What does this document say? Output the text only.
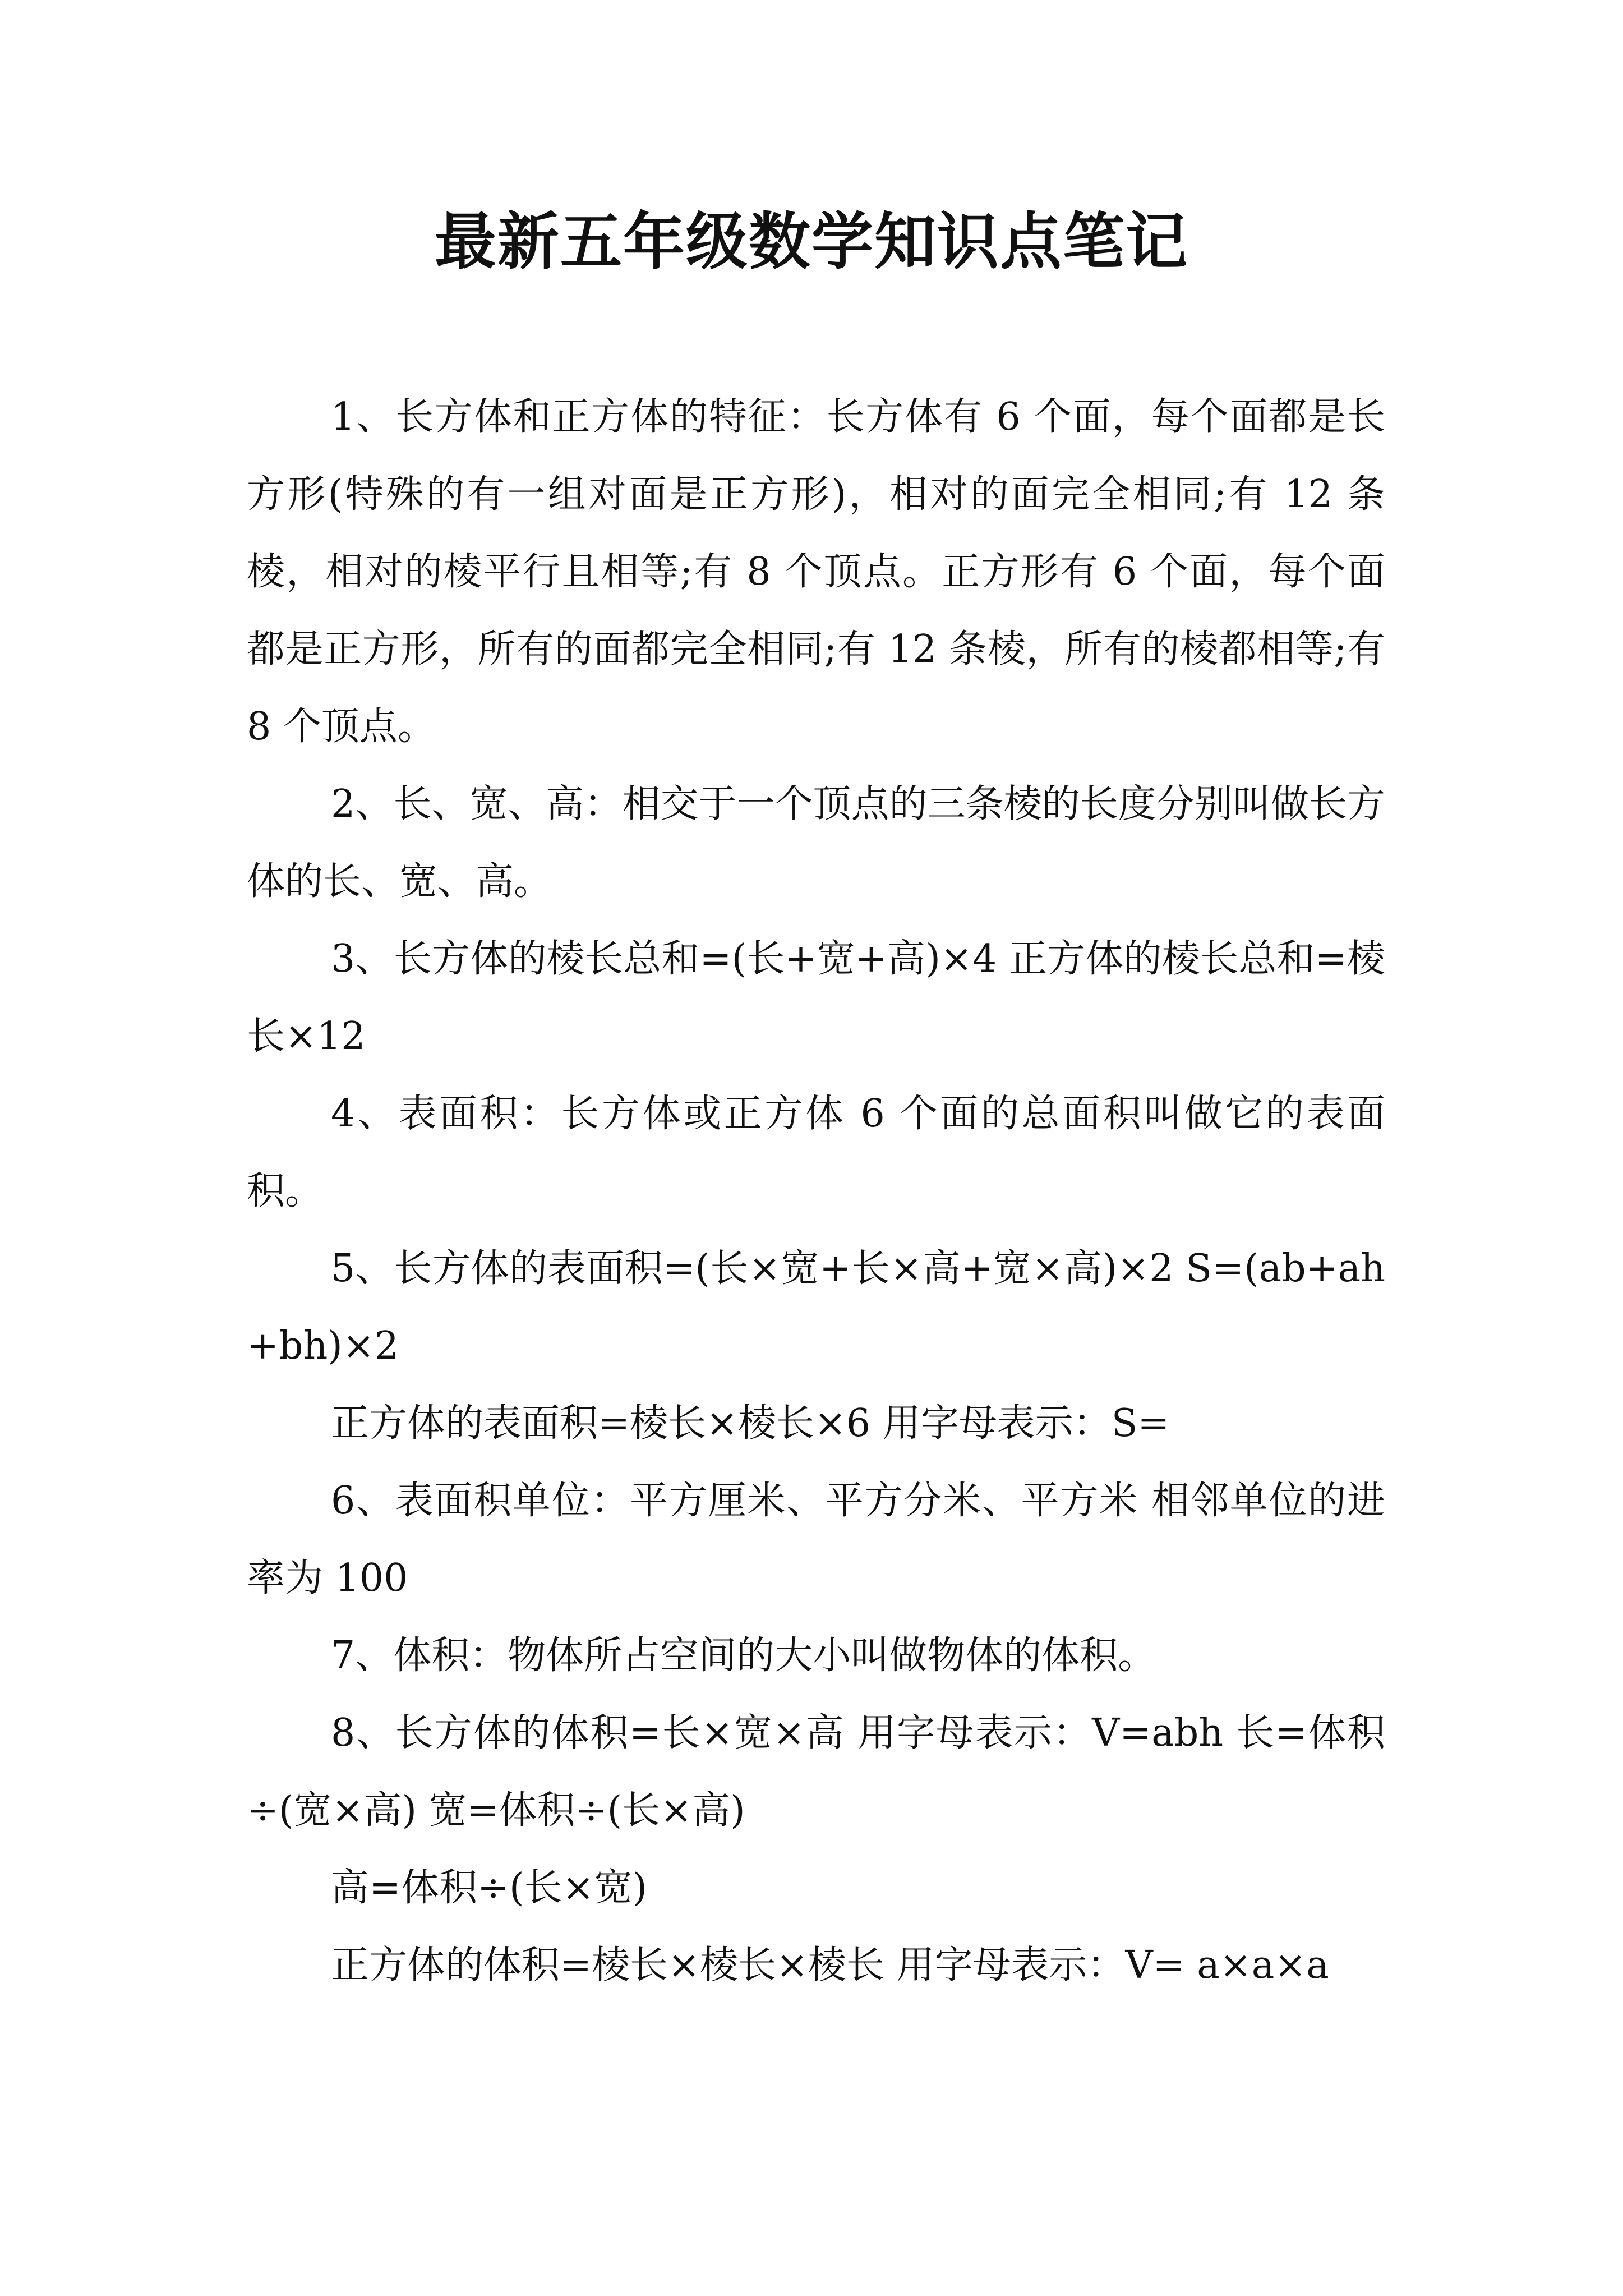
最新五年级数学知识点笔记

1、长方体和正方体的特征：长方体有 6 个面，每个面都是长方形(特殊的有一组对面是正方形)，相对的面完全相同;有 12 条棱，相对的棱平行且相等;有 8 个顶点。正方形有 6 个面，每个面都是正方形，所有的面都完全相同;有 12 条棱，所有的棱都相等;有 8 个顶点。

2、长、宽、高：相交于一个顶点的三条棱的长度分别叫做长方体的长、宽、高。

3、长方体的棱长总和=(长+宽+高)×4 正方体的棱长总和=棱长×12

4、表面积：长方体或正方体 6 个面的总面积叫做它的表面积。

5、长方体的表面积=(长×宽+长×高+宽×高)×2 S=(ab+ah+bh)×2

正方体的表面积=棱长×棱长×6 用字母表示：S=

6、表面积单位：平方厘米、平方分米、平方米 相邻单位的进率为 100

7、体积：物体所占空间的大小叫做物体的体积。

8、长方体的体积=长×宽×高 用字母表示：V=abh 长=体积÷(宽×高) 宽=体积÷(长×高)

高=体积÷(长×宽)

正方体的体积=棱长×棱长×棱长 用字母表示：V= a×a×a
